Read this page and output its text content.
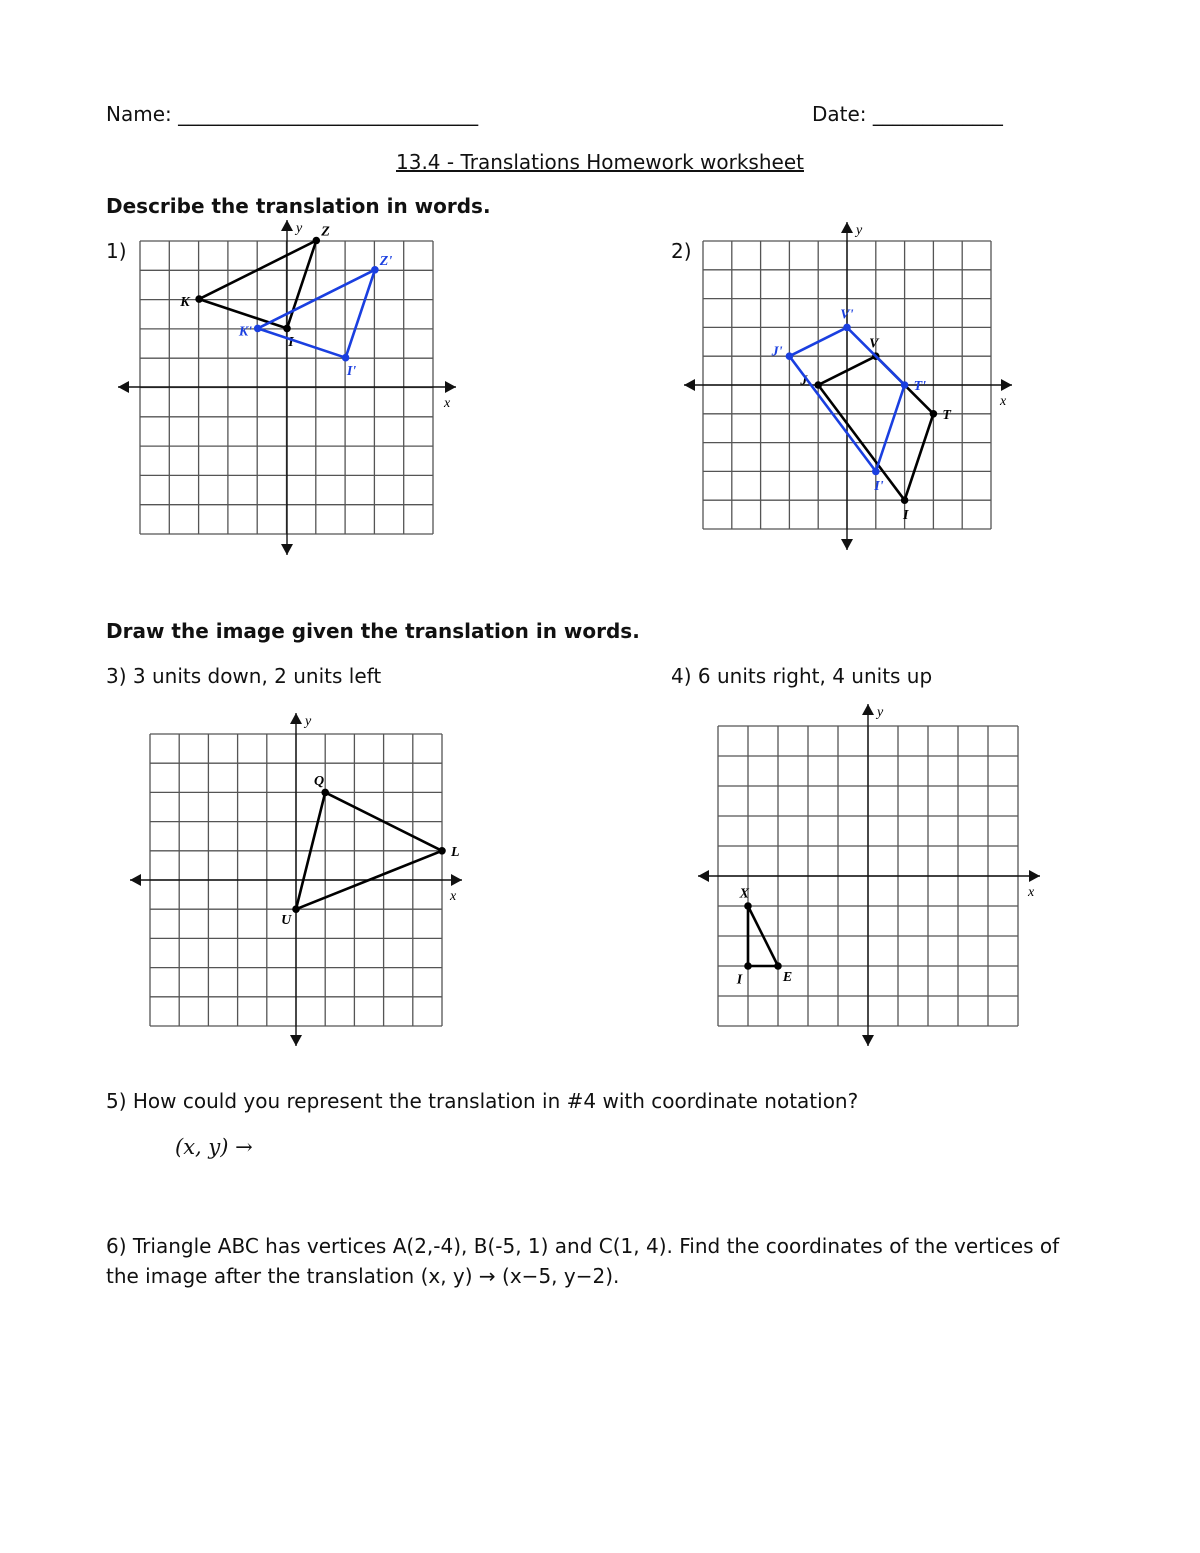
Name: ______________________________	Date: _____________
13.4 - Translations Homework worksheet
Describe the translation in words.
1)	2)
x
y
K
Z
I
K'
Z'
I'
x
y
J
V
T
I
J'
V'
T'
I'
Draw the image given the translation in words.
3) 3 units down, 2 units left	4) 6 units right, 4 units up
x
y
Q
L
U
x
y
X
I	E
5) How could you represent the translation in #4 with coordinate notation?
(x, y) →
6) Triangle ABC has vertices A(2,-4), B(-5, 1) and C(1, 4). Find the coordinates of the vertices of
the image after the translation (x, y) → (x−5, y−2).
